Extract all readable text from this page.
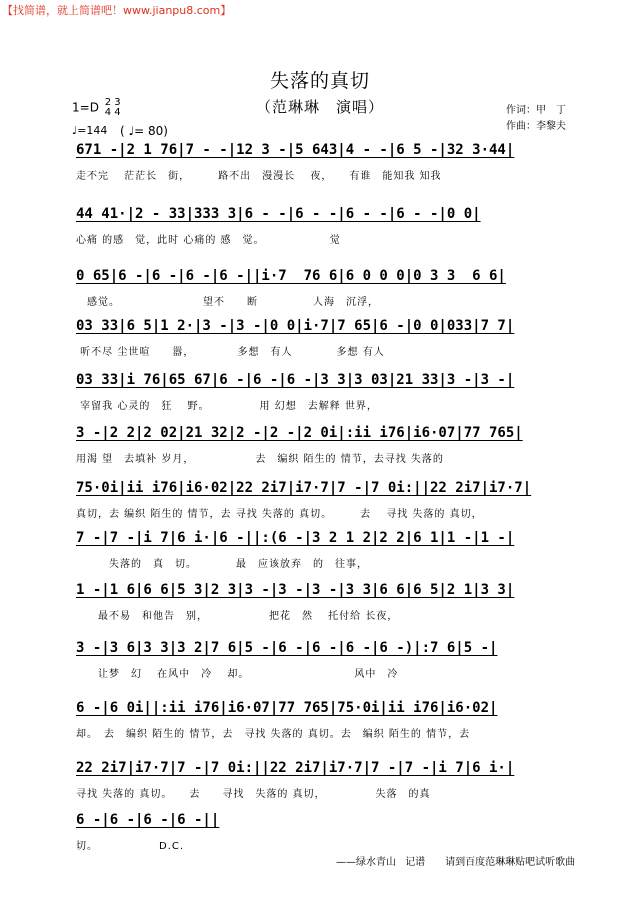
【找简谱，就上简谱吧！www.jianpu8.com】
失落的真切
（范琳琳　演唱）
1=D 2 3
4 4
♩=144 ( ♩= 80)
作词：甲　丁
作曲：李黎夫
671 -|2 1 76|7 - -|12 3 -|5 643|4 - -|6 5 -|32 3·44|
走不完　 茫茫长　街，　　　路不出　漫漫长　 夜，　　有谁　能知我 知我
44 41·|2 - 33|333 3|6 - -|6 - -|6 - -|6 - -|0 0|
心痛 的感　觉，此时 心痛的 感　觉。　　　　　　 觉
0 65|6 -|6 -|6 -|6 -||i·7  76 6|6 0 0 0|0 3 3  6 6|
　感觉。　　　　　　　　望不　　断　　　　　人海　沉浮，
03 33|6 5|1 2·|3 -|3 -|0 0|i·7|7 65|6 -|0 0|033|7 7|
听不尽 尘世喧　　嚣，　　　　 多想　有人　　　　多想 有人
03 33|i 76|65 67|6 -|6 -|6 -|3 3|3 03|21 33|3 -|3 -|
宰留我 心灵的　狂　 野。　　　　　用 幻想　去解释 世界，
3 -|2 2|2 02|21 32|2 -|2 -|2 0i|:ii i76|i6·07|77 765|
用渴 望　去填补 岁月，　　　　　　去　编织 陌生的 情节，去寻找 失落的
75·0i|ii i76|i6·02|22 2i7|i7·7|7 -|7 0i:||22 2i7|i7·7|
真切，去 编织 陌生的 情节，去 寻找 失落的 真切。　　　去　 寻找 失落的 真切，
7 -|7 -|i 7|6 i·|6 -||:(6 -|3 2 1 2|2 2|6 1|1 -|1 -|
　　　失落的　真　切。　　　　最　应该放弃　的　往事，
1 -|1 6|6 6|5 3|2 3|3 -|3 -|3 -|3 3|6 6|6 5|2 1|3 3|
　　最不易　和他告　别，　　　　　　把花　然　 托付给 长夜，
3 -|3 6|3 3|3 2|7 6|5 -|6 -|6 -|6 -|6 -)|:7 6|5 -|
　　让梦　幻　 在风中　冷　 却。　　　　　　　　　　风中　冷
6 -|6 0i||:ii i76|i6·07|77 765|75·0i|ii i76|i6·02|
却。　去　编织 陌生的 情节，去　寻找 失落的 真切。去　编织 陌生的 情节，去
22 2i7|i7·7|7 -|7 0i:||22 2i7|i7·7|7 -|7 -|i 7|6 i·|
寻找 失落的 真切。　　去　　寻找　失落的 真切，　　　　　失落　的真
6 -|6 -|6 -|6 -||
切。　　　　　　D.C.
——绿水青山 记谱　　请到百度范琳琳贴吧试听歌曲
